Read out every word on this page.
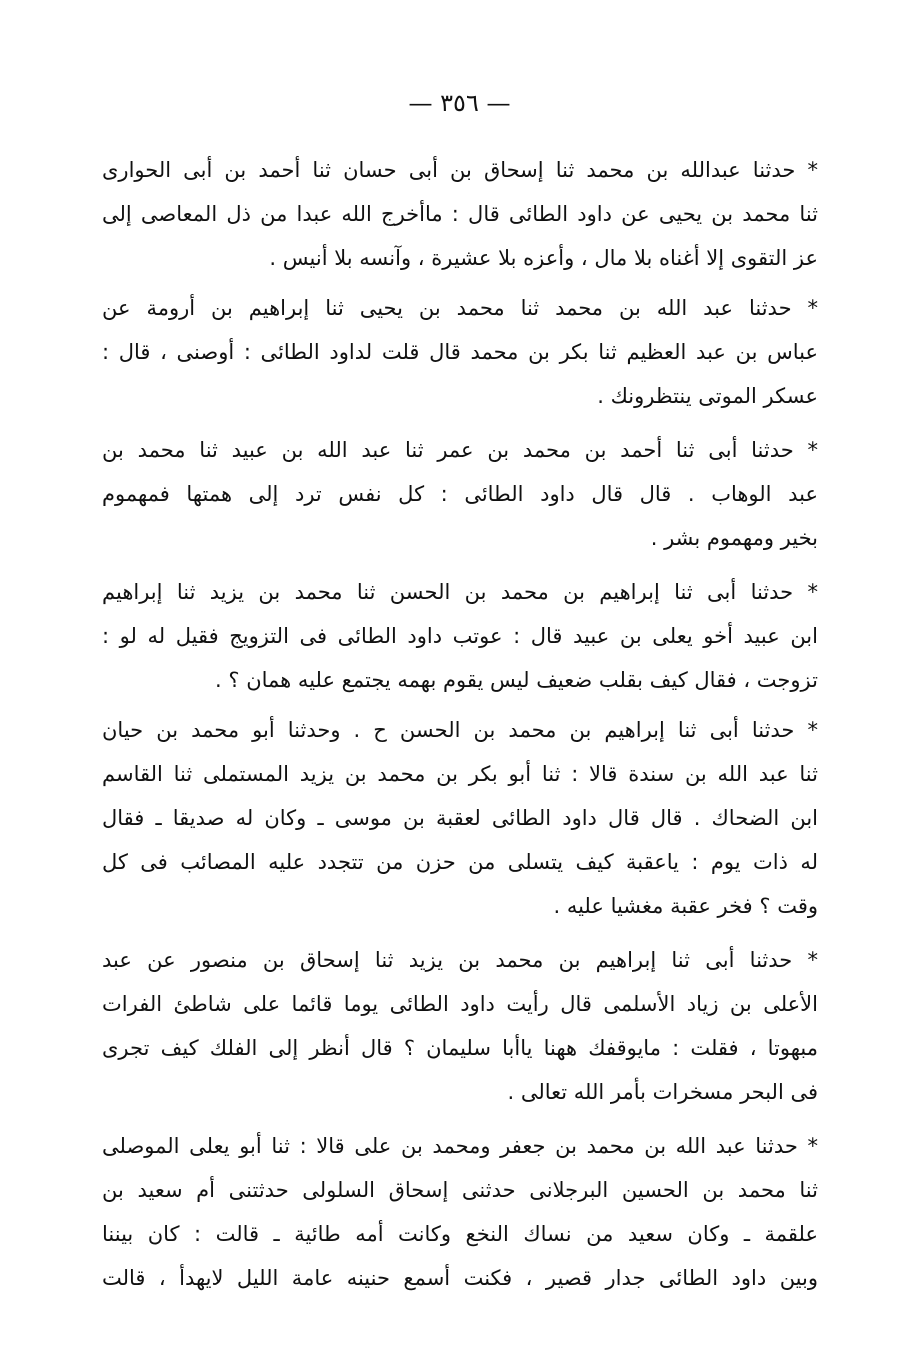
— ٣٥٦ —
* حدثنا عبدالله بن محمد ثنا إسحاق بن أبى حسان ثنا أحمد بن أبى الحوارى
ثنا محمد بن يحيى عن داود الطائى قال : ماأخرج الله عبدا من ذل المعاصى إلى
عز التقوى إلا أغناه بلا مال ، وأعزه بلا عشيرة ، وآنسه بلا أنيس .
* حدثنا عبد الله بن محمد ثنا محمد بن يحيى ثنا إبراهيم بن أرومة عن
عباس بن عبد العظيم ثنا بكر بن محمد قال قلت لداود الطائى : أوصنى ، قال :
عسكر الموتى ينتظرونك .
* حدثنا أبى ثنا أحمد بن محمد بن عمر ثنا عبد الله بن عبيد ثنا محمد بن
عبد الوهاب . قال قال داود الطائى : كل نفس ترد إلى همتها فمهموم
بخير ومهموم بشر .
* حدثنا أبى ثنا إبراهيم بن محمد بن الحسن ثنا محمد بن يزيد ثنا إبراهيم
ابن عبيد أخو يعلى بن عبيد قال : عوتب داود الطائى فى التزويج فقيل له لو :
تزوجت ، فقال كيف بقلب ضعيف ليس يقوم بهمه يجتمع عليه همان ؟ .
* حدثنا أبى ثنا إبراهيم بن محمد بن الحسن ح . وحدثنا أبو محمد بن حيان
ثنا عبد الله بن سندة قالا : ثنا أبو بكر بن محمد بن يزيد المستملى ثنا القاسم
ابن الضحاك . قال قال داود الطائى لعقبة بن موسى ـ وكان له صديقا ـ فقال
له ذات يوم : ياعقبة كيف يتسلى من حزن من تتجدد عليه المصائب فى كل
وقت ؟ فخر عقبة مغشيا عليه .
* حدثنا أبى ثنا إبراهيم بن محمد بن يزيد ثنا إسحاق بن منصور عن عبد
الأعلى بن زياد الأسلمى قال رأيت داود الطائى يوما قائما على شاطئ الفرات
مبهوتا ، فقلت : مايوقفك ههنا ياأبا سليمان ؟ قال أنظر إلى الفلك كيف تجرى
فى البحر مسخرات بأمر الله تعالى .
* حدثنا عبد الله بن محمد بن جعفر ومحمد بن على قالا : ثنا أبو يعلى الموصلى
ثنا محمد بن الحسين البرجلانى حدثنى إسحاق السلولى حدثتنى أم سعيد بن
علقمة ـ وكان سعيد من نساك النخع وكانت أمه طائية ـ قالت : كان بيننا
وبين داود الطائى جدار قصير ، فكنت أسمع حنينه عامة الليل لايهدأ ، قالت
